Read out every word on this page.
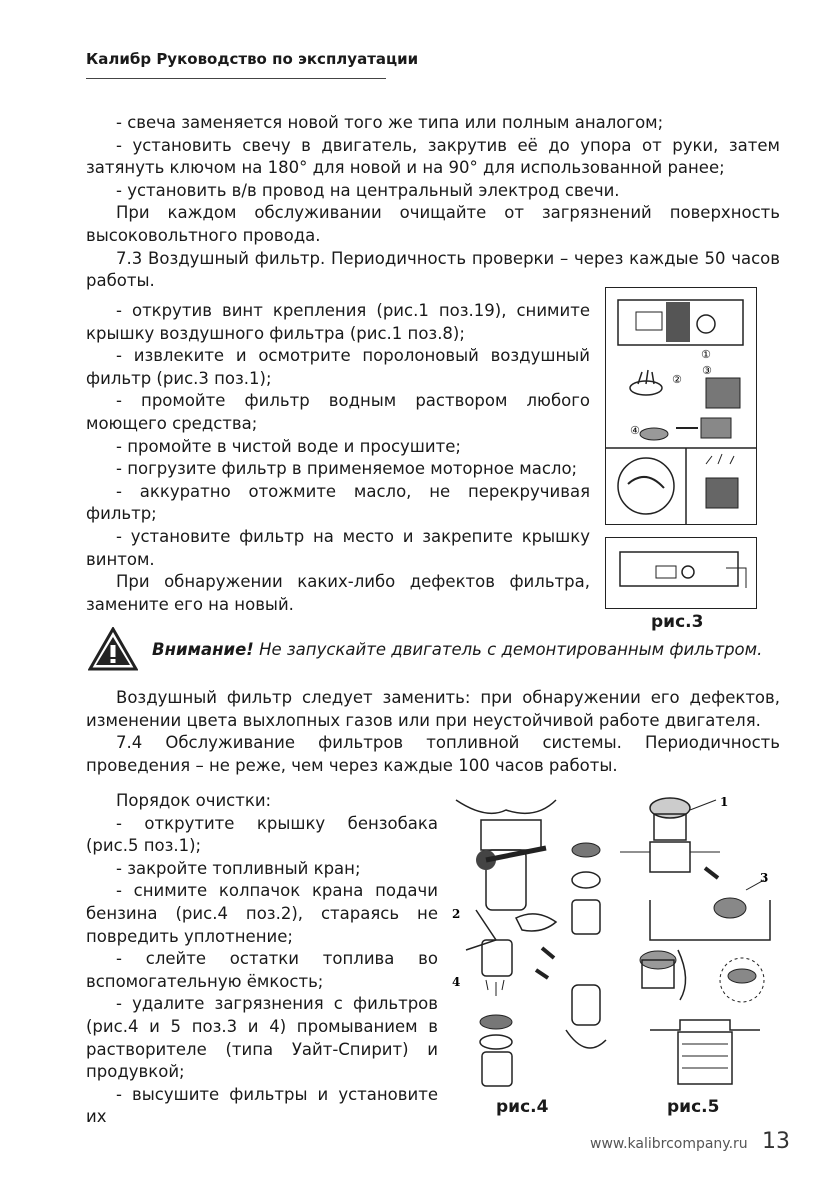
Калибр Руководство по эксплуатации

- свеча заменяется новой того же типа или полным аналогом;

- установить свечу в двигатель, закрутив её до упора от руки, затем затянуть ключом на 180° для новой и на 90° для использованной ранее;

- установить в/в провод на центральный электрод свечи.

При каждом обслуживании очищайте от загрязнений поверхность высоковольтного провода.

7.3 Воздушный фильтр. Периодичность проверки – через каждые 50 часов работы.

- открутив винт крепления (рис.1 поз.19), снимите крышку воздушного фильтра (рис.1 поз.8);

- извлеките и осмотрите поролоновый воздушный фильтр (рис.3 поз.1);

- промойте фильтр водным раствором любого моющего средства;

- промойте в чистой воде и просушите;

- погрузите фильтр в применяемое моторное масло;

- аккуратно отожмите масло, не перекручивая фильтр;

- установите фильтр на место и закрепите крышку винтом.

При обнаружении каких-либо дефектов фильтра, замените его на новый.

①
②
③
④
рис.3
Внимание! Не запускайте двигатель с демонтированным фильтром.

Воздушный фильтр следует заменить: при обнаружении его дефектов, изменении цвета выхлопных газов или при неустойчивой работе двигателя.

7.4 Обслуживание фильтров топливной системы. Периодичность проведения – не реже, чем через каждые 100 часов работы.

Порядок очистки:

- открутите крышку бензобака (рис.5 поз.1);

- закройте топливный кран;

- снимите колпачок крана подачи бензина (рис.4 поз.2), стараясь не повредить уплотнение;

- слейте остатки топлива во вспомогательную ёмкость;

- удалите загрязнения с фильтров (рис.4 и 5 поз.3 и 4) промыванием в растворителе (типа Уайт-Спирит) и продувкой;

- высушите фильтры и установите их

2
4
рис.4
1
3
рис.5
www.kalibrcompany.ru 13
